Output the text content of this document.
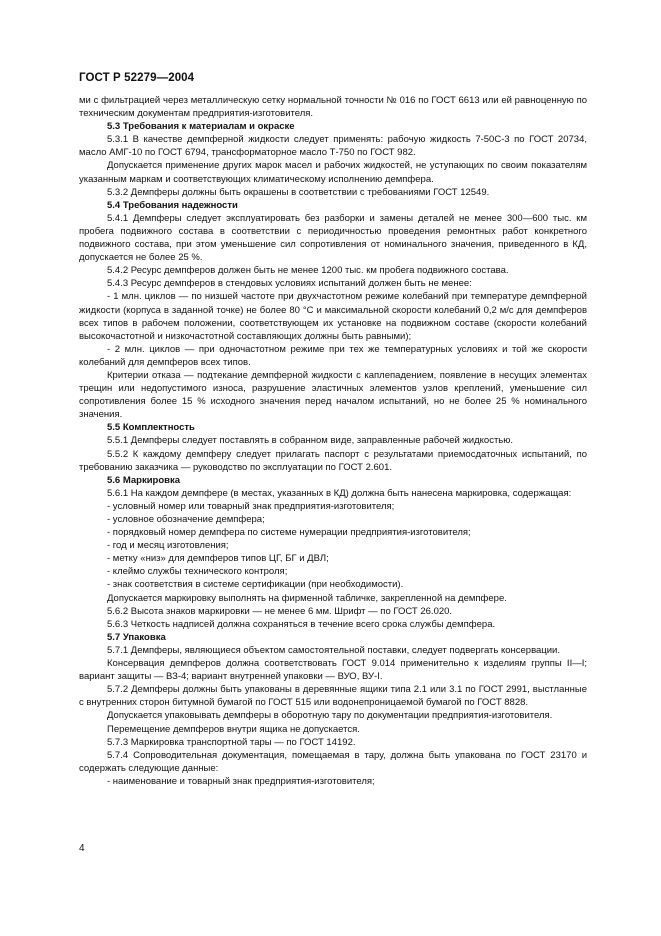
ГОСТ Р 52279—2004
ми с фильтрацией через металлическую сетку нормальной точности № 016 по ГОСТ 6613 или ей равноценную по техническим документам предприятия-изготовителя.
5.3 Требования к материалам и окраске
5.3.1 В качестве демпферной жидкости следует применять: рабочую жидкость 7-50С-3 по ГОСТ 20734, масло АМГ-10 по ГОСТ 6794, трансформаторное масло Т-750 по ГОСТ 982.
Допускается применение других марок масел и рабочих жидкостей, не уступающих по своим показателям указанным маркам и соответствующих климатическому исполнению демпфера.
5.3.2 Демпферы должны быть окрашены в соответствии с требованиями ГОСТ 12549.
5.4 Требования надежности
5.4.1 Демпферы следует эксплуатировать без разборки и замены деталей не менее 300—600 тыс. км пробега подвижного состава в соответствии с периодичностью проведения ремонтных работ конкретного подвижного состава, при этом уменьшение сил сопротивления от номинального значения, приведенного в КД, допускается не более 25 %.
5.4.2 Ресурс демпферов должен быть не менее 1200 тыс. км пробега подвижного состава.
5.4.3 Ресурс демпферов в стендовых условиях испытаний должен быть не менее:
- 1 млн. циклов — по низшей частоте при двухчастотном режиме колебаний при температуре демпферной жидкости (корпуса в заданной точке) не более 80 °С и максимальной скорости колебаний 0,2 м/с для демпферов всех типов в рабочем положении, соответствующем их установке на подвижном составе (скорости колебаний высокочастотной и низкочастотной составляющих должны быть равными);
- 2 млн. циклов — при одночастотном режиме при тех же температурных условиях и той же скорости колебаний для демпферов всех типов.
Критерии отказа — подтекание демпферной жидкости с каплепадением, появление в несущих элементах трещин или недопустимого износа, разрушение эластичных элементов узлов креплений, уменьшение сил сопротивления более 15 % исходного значения перед началом испытаний, но не более 25 % номинального значения.
5.5 Комплектность
5.5.1 Демпферы следует поставлять в собранном виде, заправленные рабочей жидкостью.
5.5.2 К каждому демпферу следует прилагать паспорт с результатами приемосдаточных испытаний, по требованию заказчика — руководство по эксплуатации по ГОСТ 2.601.
5.6 Маркировка
5.6.1 На каждом демпфере (в местах, указанных в КД) должна быть нанесена маркировка, содержащая:
- условный номер или товарный знак предприятия-изготовителя;
- условное обозначение демпфера;
- порядковый номер демпфера по системе нумерации предприятия-изготовителя;
- год и месяц изготовления;
- метку «низ» для демпферов типов ЦГ, БГ и ДВЛ;
- клеймо службы технического контроля;
- знак соответствия в системе сертификации (при необходимости).
Допускается маркировку выполнять на фирменной табличке, закрепленной на демпфере.
5.6.2 Высота знаков маркировки — не менее 6 мм. Шрифт — по ГОСТ 26.020.
5.6.3 Четкость надписей должна сохраняться в течение всего срока службы демпфера.
5.7 Упаковка
5.7.1 Демпферы, являющиеся объектом самостоятельной поставки, следует подвергать консервации.
Консервация демпферов должна соответствовать ГОСТ 9.014 применительно к изделиям группы II—I; вариант защиты — ВЗ-4; вариант внутренней упаковки — ВУО, ВУ-I.
5.7.2 Демпферы должны быть упакованы в деревянные ящики типа 2.1 или 3.1 по ГОСТ 2991, выстланные с внутренних сторон битумной бумагой по ГОСТ 515 или водонепроницаемой бумагой по ГОСТ 8828.
Допускается упаковывать демпферы в оборотную тару по документации предприятия-изготовителя.
Перемещение демпферов внутри ящика не допускается.
5.7.3 Маркировка транспортной тары — по ГОСТ 14192.
5.7.4 Сопроводительная документация, помещаемая в тару, должна быть упакована по ГОСТ 23170 и содержать следующие данные:
- наименование и товарный знак предприятия-изготовителя;
4
